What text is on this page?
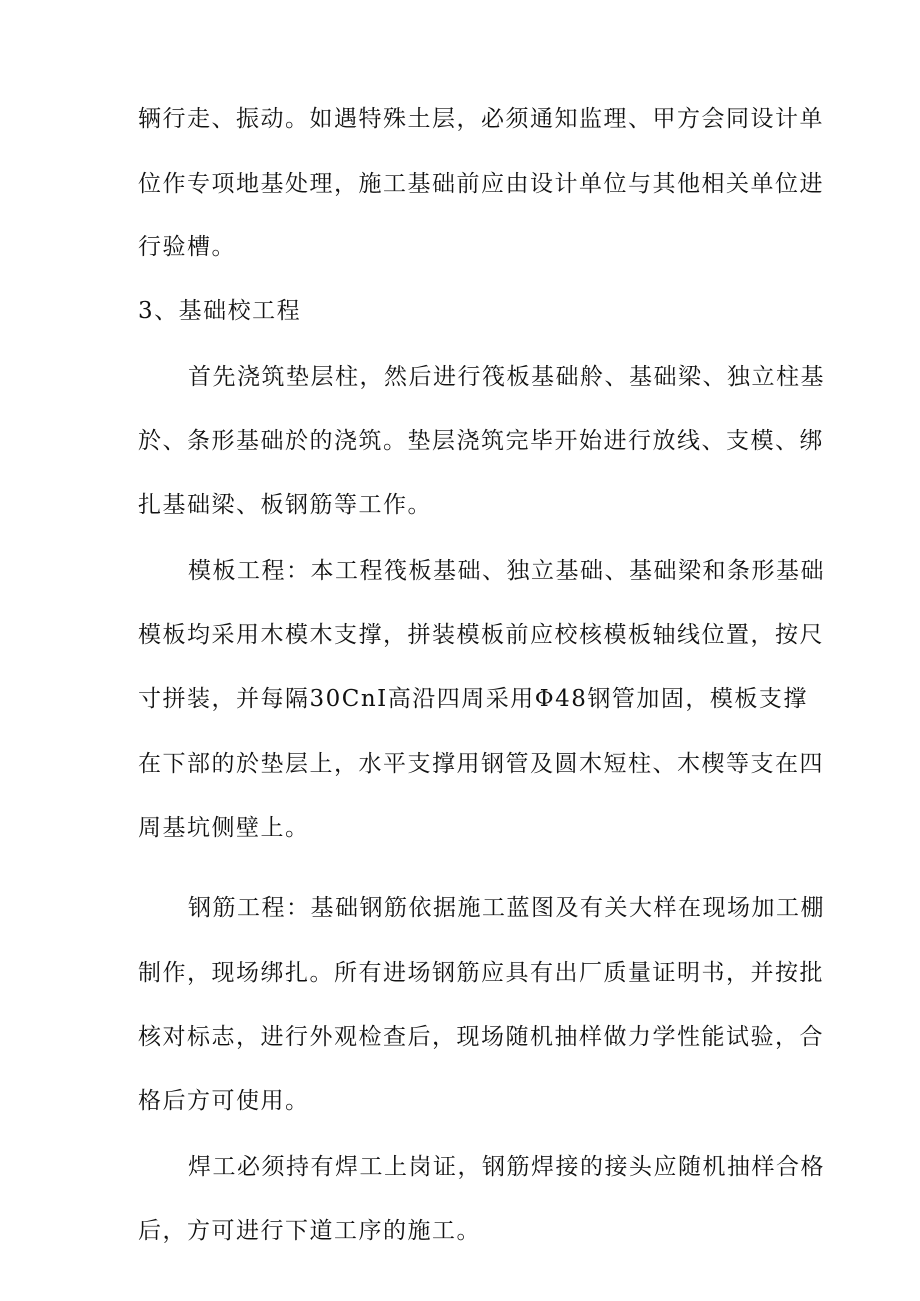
辆行走、振动。如遇特殊土层，必须通知监理、甲方会同设计单
位作专项地基处理，施工基础前应由设计单位与其他相关单位进
行验槽。
3、基础校工程
首先浇筑垫层柱，然后进行筏板基础舲、基础梁、独立柱基
於、条形基础於的浇筑。垫层浇筑完毕开始进行放线、支模、绑
扎基础梁、板钢筋等工作。
模板工程：本工程筏板基础、独立基础、基础梁和条形基础
模板均采用木模木支撑，拼装模板前应校核模板轴线位置，按尺
寸拼装，并每隔30CnI高沿四周采用Φ48钢管加固，模板支撑
在下部的於垫层上，水平支撑用钢管及圆木短柱、木楔等支在四
周基坑侧壁上。
钢筋工程：基础钢筋依据施工蓝图及有关大样在现场加工棚
制作，现场绑扎。所有进场钢筋应具有出厂质量证明书，并按批
核对标志，进行外观检查后，现场随机抽样做力学性能试验，合
格后方可使用。
焊工必须持有焊工上岗证，钢筋焊接的接头应随机抽样合格
后，方可进行下道工序的施工。
